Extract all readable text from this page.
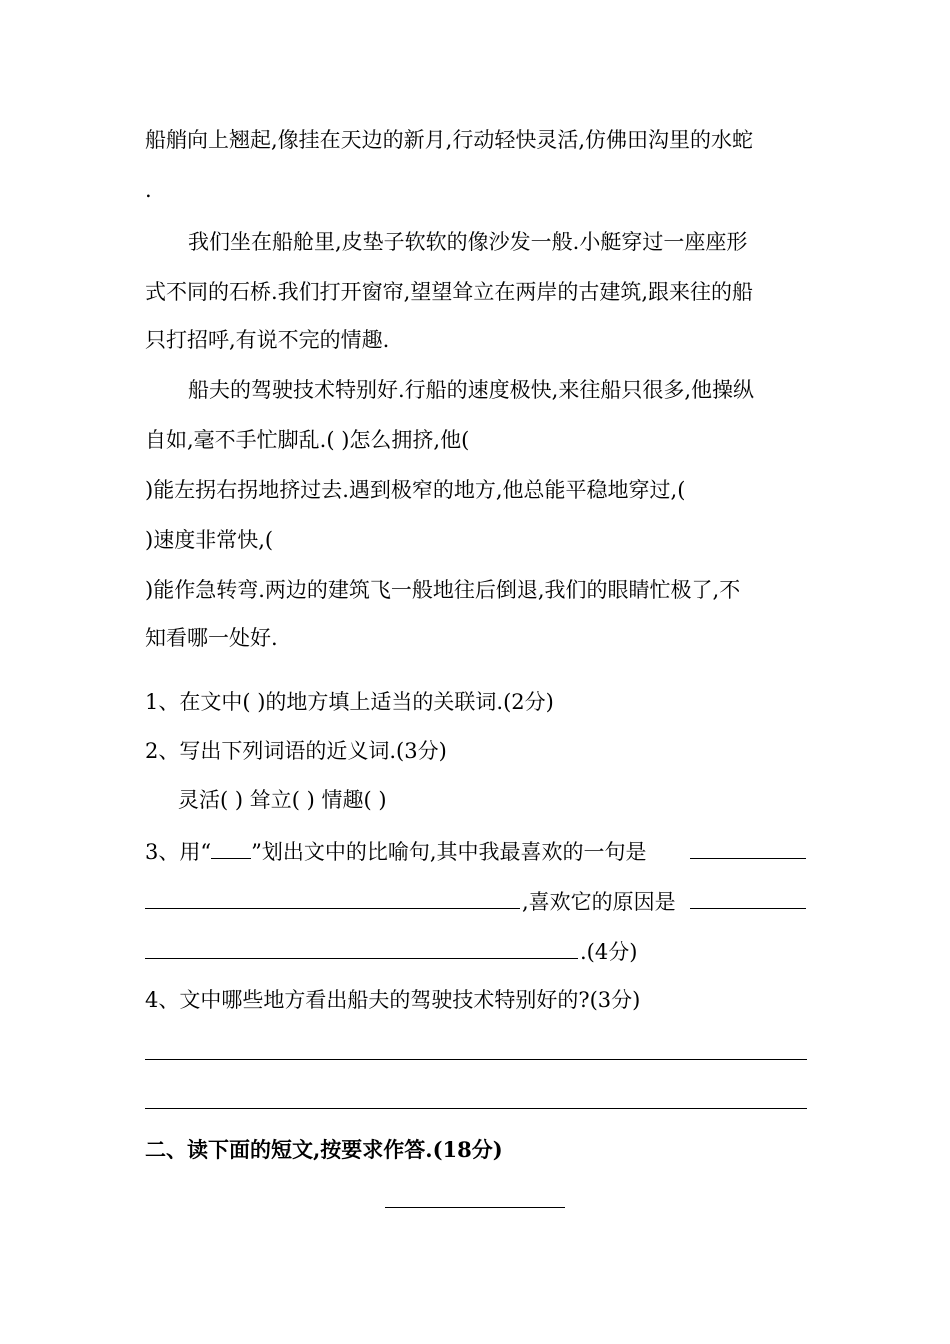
船艄向上翘起,像挂在天边的新月,行动轻快灵活,仿佛田沟里的水蛇
.
我们坐在船舱里,皮垫子软软的像沙发一般.小艇穿过一座座形
式不同的石桥.我们打开窗帘,望望耸立在两岸的古建筑,跟来往的船
只打招呼,有说不完的情趣.
船夫的驾驶技术特别好.行船的速度极快,来往船只很多,他操纵
自如,毫不手忙脚乱.( )怎么拥挤,他(
)能左拐右拐地挤过去.遇到极窄的地方,他总能平稳地穿过,(
)速度非常快,(
)能作急转弯.两边的建筑飞一般地往后倒退,我们的眼睛忙极了,不
知看哪一处好.
1、在文中( )的地方填上适当的关联词.(2分)
2、写出下列词语的近义词.(3分)
灵活( ) 耸立( ) 情趣( )
3、用“ ”划出文中的比喻句,其中我最喜欢的一句是
,喜欢它的原因是
.(4分)
4、文中哪些地方看出船夫的驾驶技术特别好的?(3分)
二、读下面的短文,按要求作答.(18分)
